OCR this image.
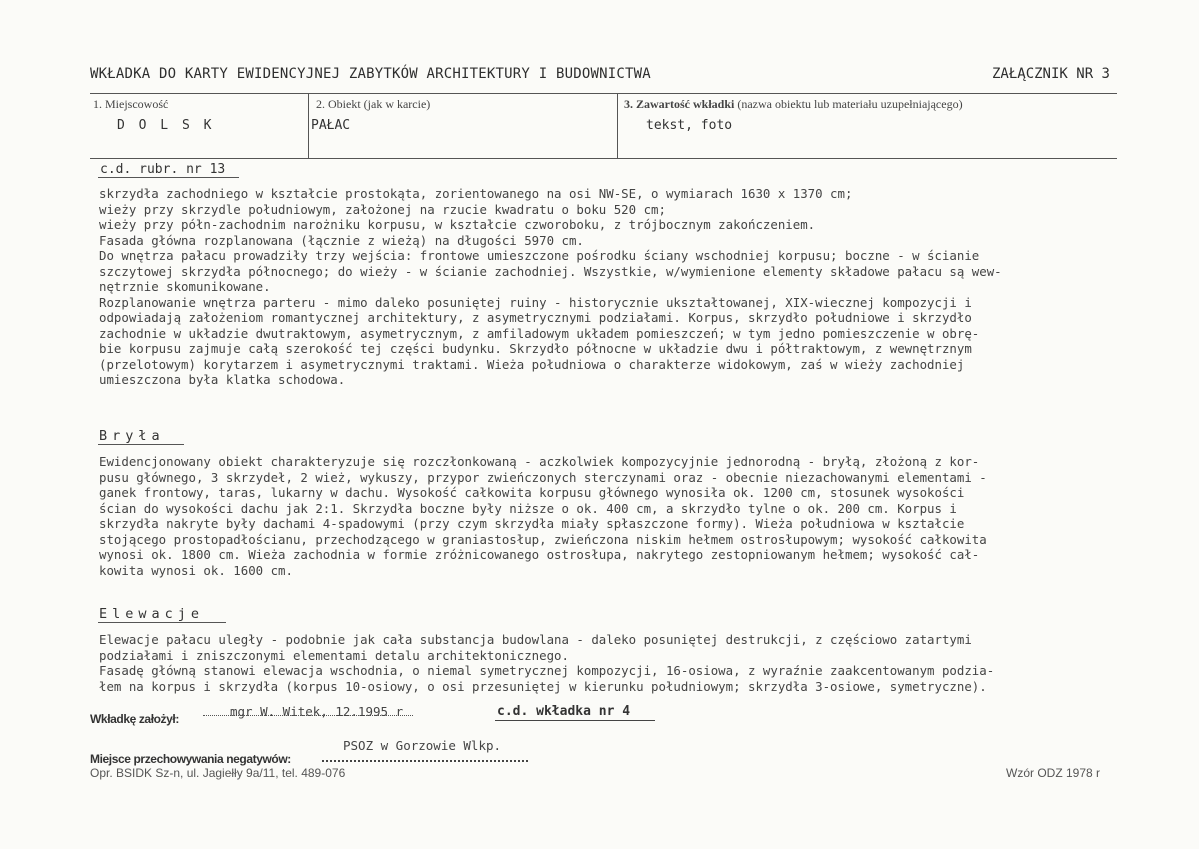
WKŁADKA DO KARTY EWIDENCYJNEJ ZABYTKÓW ARCHITEKTURY I BUDOWNICTWA	ZAŁĄCZNIK NR 3
1. Miejscowość
D O L S K
2. Obiekt (jak w karcie)
PAŁAC
3. Zawartość wkładki (nazwa obiektu lub materiału uzupełniającego)
tekst, foto
c.d. rubr. nr 13
skrzydła zachodniego w kształcie prostokąta, zorientowanego na osi NW-SE, o wymiarach 1630 x 1370 cm;
wieży przy skrzydle południowym, założonej na rzucie kwadratu o boku 520 cm;
wieży przy półn-zachodnim narożniku korpusu, w kształcie czworoboku, z trójbocznym zakończeniem.
Fasada główna rozplanowana (łącznie z wieżą) na długości 5970 cm.
Do wnętrza pałacu prowadziły trzy wejścia: frontowe umieszczone pośrodku ściany wschodniej korpusu; boczne - w ścianie
szczytowej skrzydła północnego; do wieży - w ścianie zachodniej. Wszystkie, w/wymienione elementy składowe pałacu są wew-
nętrznie skomunikowane.
Rozplanowanie wnętrza parteru - mimo daleko posuniętej ruiny - historycznie ukształtowanej, XIX-wiecznej kompozycji i
odpowiadają założeniom romantycznej architektury, z asymetrycznymi podziałami. Korpus, skrzydło południowe i skrzydło
zachodnie w układzie dwutraktowym, asymetrycznym, z amfiladowym układem pomieszczeń; w tym jedno pomieszczenie w obrę-
bie korpusu zajmuje całą szerokość tej części budynku. Skrzydło północne w układzie dwu i półtraktowym, z wewnętrznym
(przelotowym) korytarzem i asymetrycznymi traktami. Wieża południowa o charakterze widokowym, zaś w wieży zachodniej
umieszczona była klatka schodowa.
Bryła
Ewidencjonowany obiekt charakteryzuje się rozczłonkowaną - aczkolwiek kompozycyjnie jednorodną - bryłą, złożoną z kor-
pusu głównego, 3 skrzydeł, 2 wież, wykuszy, przypor zwieńczonych sterczynami oraz - obecnie niezachowanymi elementami -
ganek frontowy, taras, lukarny w dachu. Wysokość całkowita korpusu głównego wynosiła ok. 1200 cm, stosunek wysokości
ścian do wysokości dachu jak 2:1. Skrzydła boczne były niższe o ok. 400 cm, a skrzydło tylne o ok. 200 cm. Korpus i
skrzydła nakryte były dachami 4-spadowymi (przy czym skrzydła miały spłaszczone formy). Wieża południowa w kształcie
stojącego prostopadłościanu, przechodzącego w graniastosłup, zwieńczona niskim hełmem ostrosłupowym; wysokość całkowita
wynosi ok. 1800 cm. Wieża zachodnia w formie zróżnicowanego ostrosłupa, nakrytego zestopniowanym hełmem; wysokość cał-
kowita wynosi ok. 1600 cm.
Elewacje
Elewacje pałacu uległy - podobnie jak cała substancja budowlana - daleko posuniętej destrukcji, z częściowo zatartymi
podziałami i zniszczonymi elementami detalu architektonicznego.
Fasadę główną stanowi elewacja wschodnia, o niemal symetrycznej kompozycji, 16-osiowa, z wyraźnie zaakcentowanym podzia-
łem na korpus i skrzydła (korpus 10-osiowy, o osi przesuniętej w kierunku południowym; skrzydła 3-osiowe, symetryczne).
Wkładkę założył:	mgr W. Witek, 12.1995 r	c.d. wkładka nr 4
PSOZ w Gorzowie Wlkp.
Miejsce przechowywania negatywów:
Opr. BSIDK Sz-n, ul. Jagiełły 9a/11, tel. 489-076	Wzór ODZ 1978 r
